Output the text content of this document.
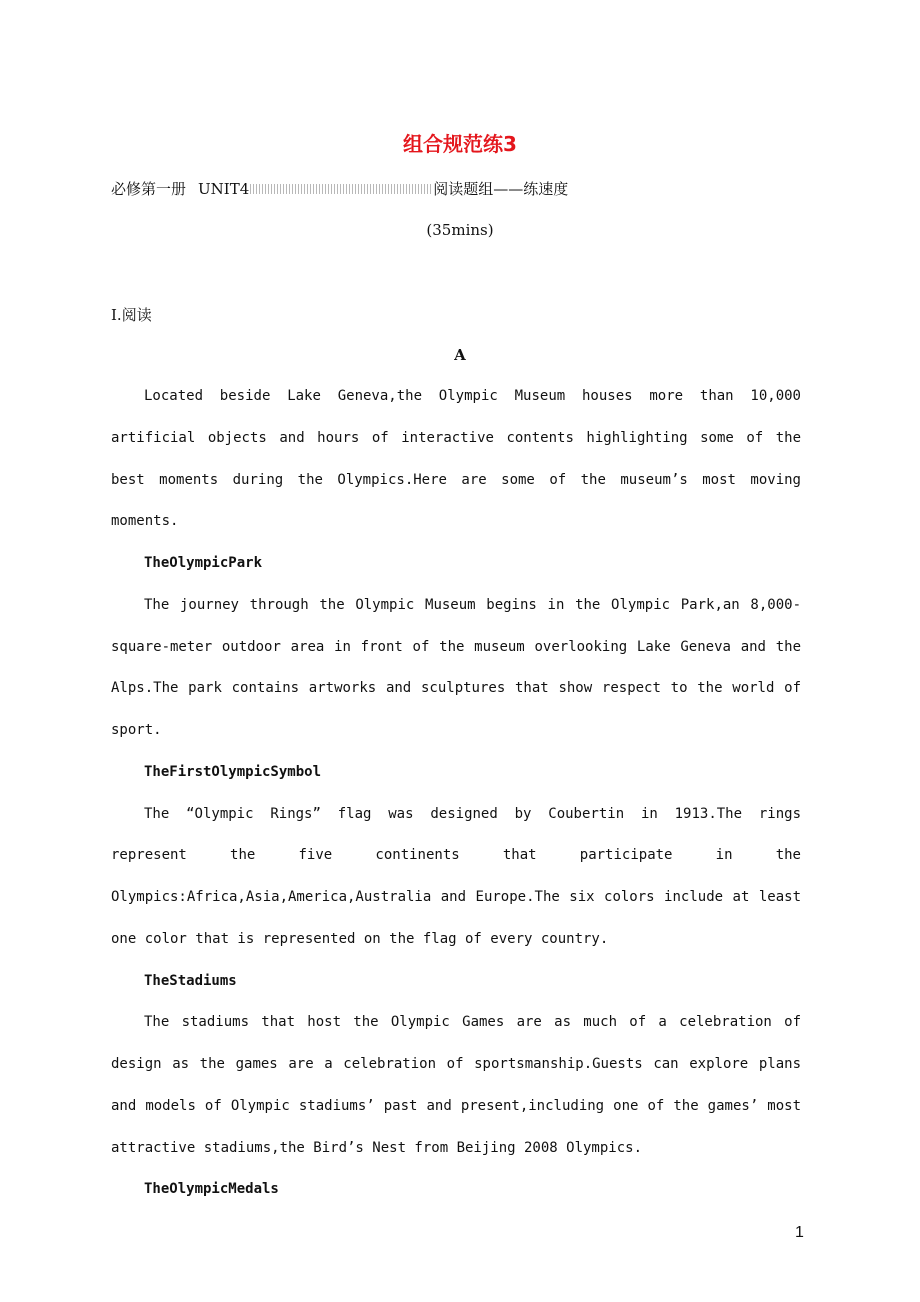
组合规范练3
必修第一册 UNIT4	阅读题组——练速度
(35mins)
Ⅰ.阅读
A

Located beside Lake Geneva,the Olympic Museum houses more than 10,000 artificial objects and hours of interactive contents highlighting some of the best moments during the Olympics.Here are some of the museum’s most moving moments.

TheOlympicPark

The journey through the Olympic Museum begins in the Olympic Park,an 8,000-square-meter outdoor area in front of the museum overlooking Lake Geneva and the Alps.The park contains artworks and sculptures that show respect to the world of sport.

TheFirstOlympicSymbol

The “Olympic Rings” flag was designed by Coubertin in 1913.The rings represent the five continents that participate in the Olympics:Africa,Asia,America,Australia and Europe.The six colors include at least one color that is represented on the flag of every country.

TheStadiums

The stadiums that host the Olympic Games are as much of a celebration of design as the games are a celebration of sportsmanship.Guests can explore plans and models of Olympic stadiums’ past and present,including one of the games’ most attractive stadiums,the Bird’s Nest from Beijing 2008 Olympics.

TheOlympicMedals
1
